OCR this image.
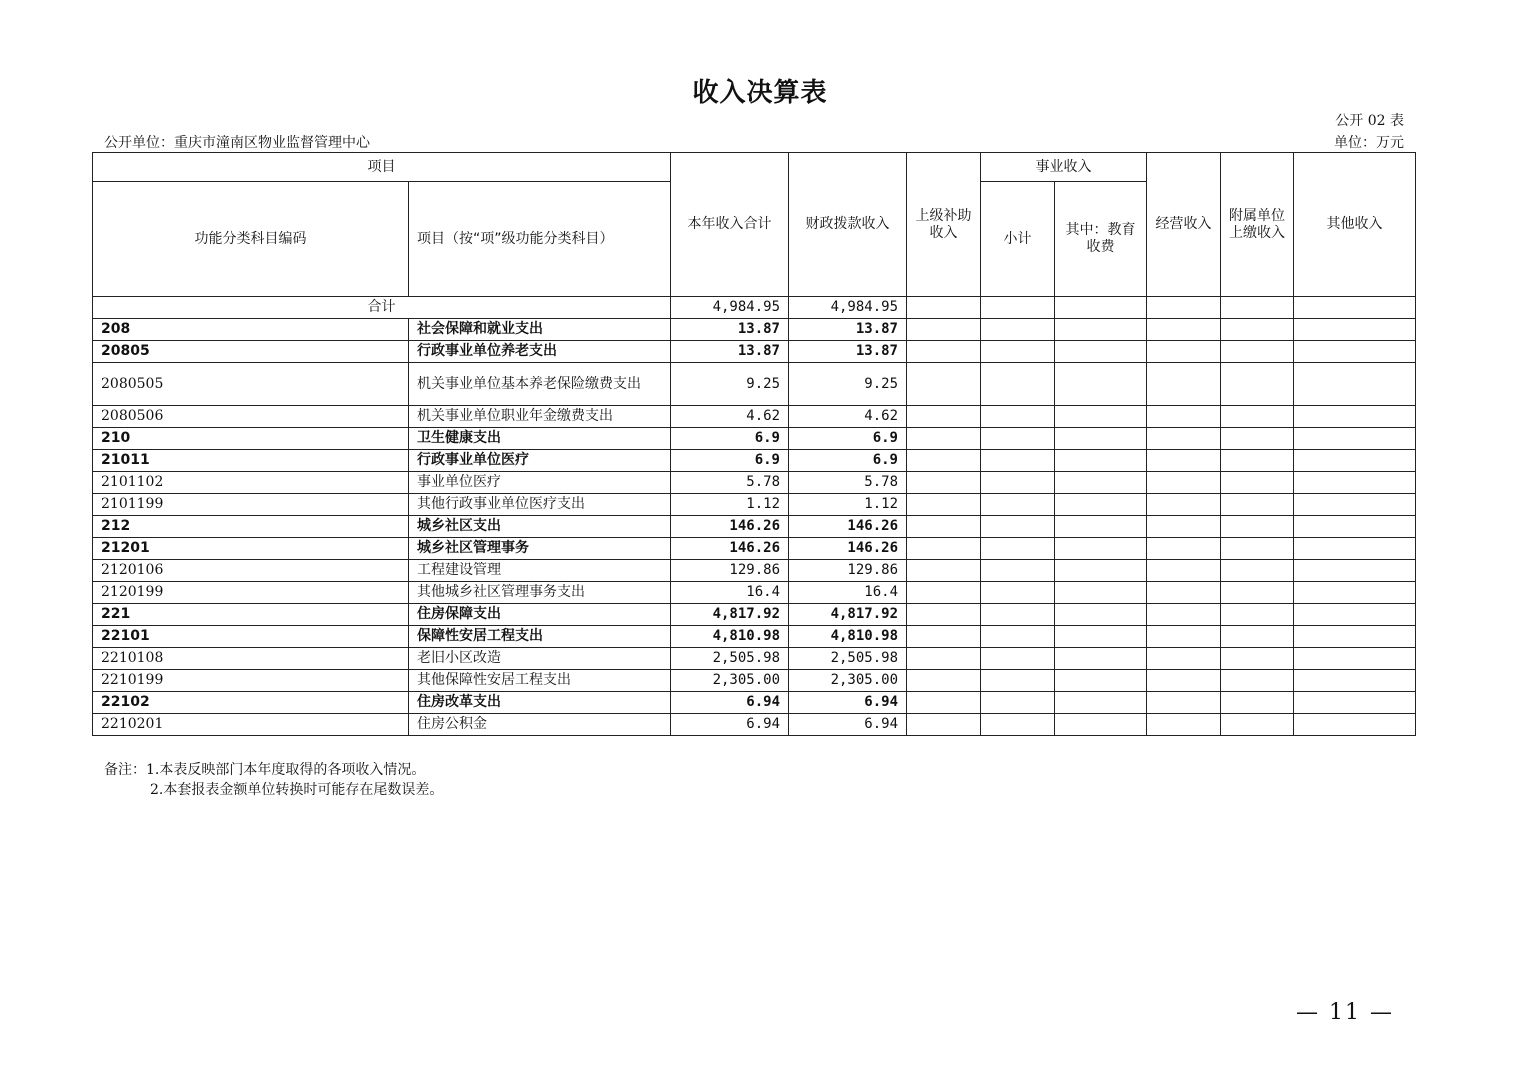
收入决算表
公开 02 表
公开单位：重庆市潼南区物业监督管理中心	单位：万元
项目		本年收入合计	财政拨款收入	上级补助收入	事业收入		经营收入	附属单位上缴收入	其他收入
功能分类科目编码	项目（按“项”级功能分类科目）				小计	其中：教育收费			
合计		4,984.95	4,984.95						
208	社会保障和就业支出	13.87	13.87						
20805	行政事业单位养老支出	13.87	13.87						
2080505	机关事业单位基本养老保险缴费支出	9.25	9.25						
2080506	机关事业单位职业年金缴费支出	4.62	4.62						
210	卫生健康支出	6.9	6.9						
21011	行政事业单位医疗	6.9	6.9						
2101102	事业单位医疗	5.78	5.78						
2101199	其他行政事业单位医疗支出	1.12	1.12						
212	城乡社区支出	146.26	146.26						
21201	城乡社区管理事务	146.26	146.26						
2120106	工程建设管理	129.86	129.86						
2120199	其他城乡社区管理事务支出	16.4	16.4						
221	住房保障支出	4,817.92	4,817.92						
22101	保障性安居工程支出	4,810.98	4,810.98						
2210108	老旧小区改造	2,505.98	2,505.98						
2210199	其他保障性安居工程支出	2,305.00	2,305.00						
22102	住房改革支出	6.94	6.94						
2210201	住房公积金	6.94	6.94						
备注：1.本表反映部门本年度取得的各项收入情况。
2.本套报表金额单位转换时可能存在尾数误差。
— 11 —
